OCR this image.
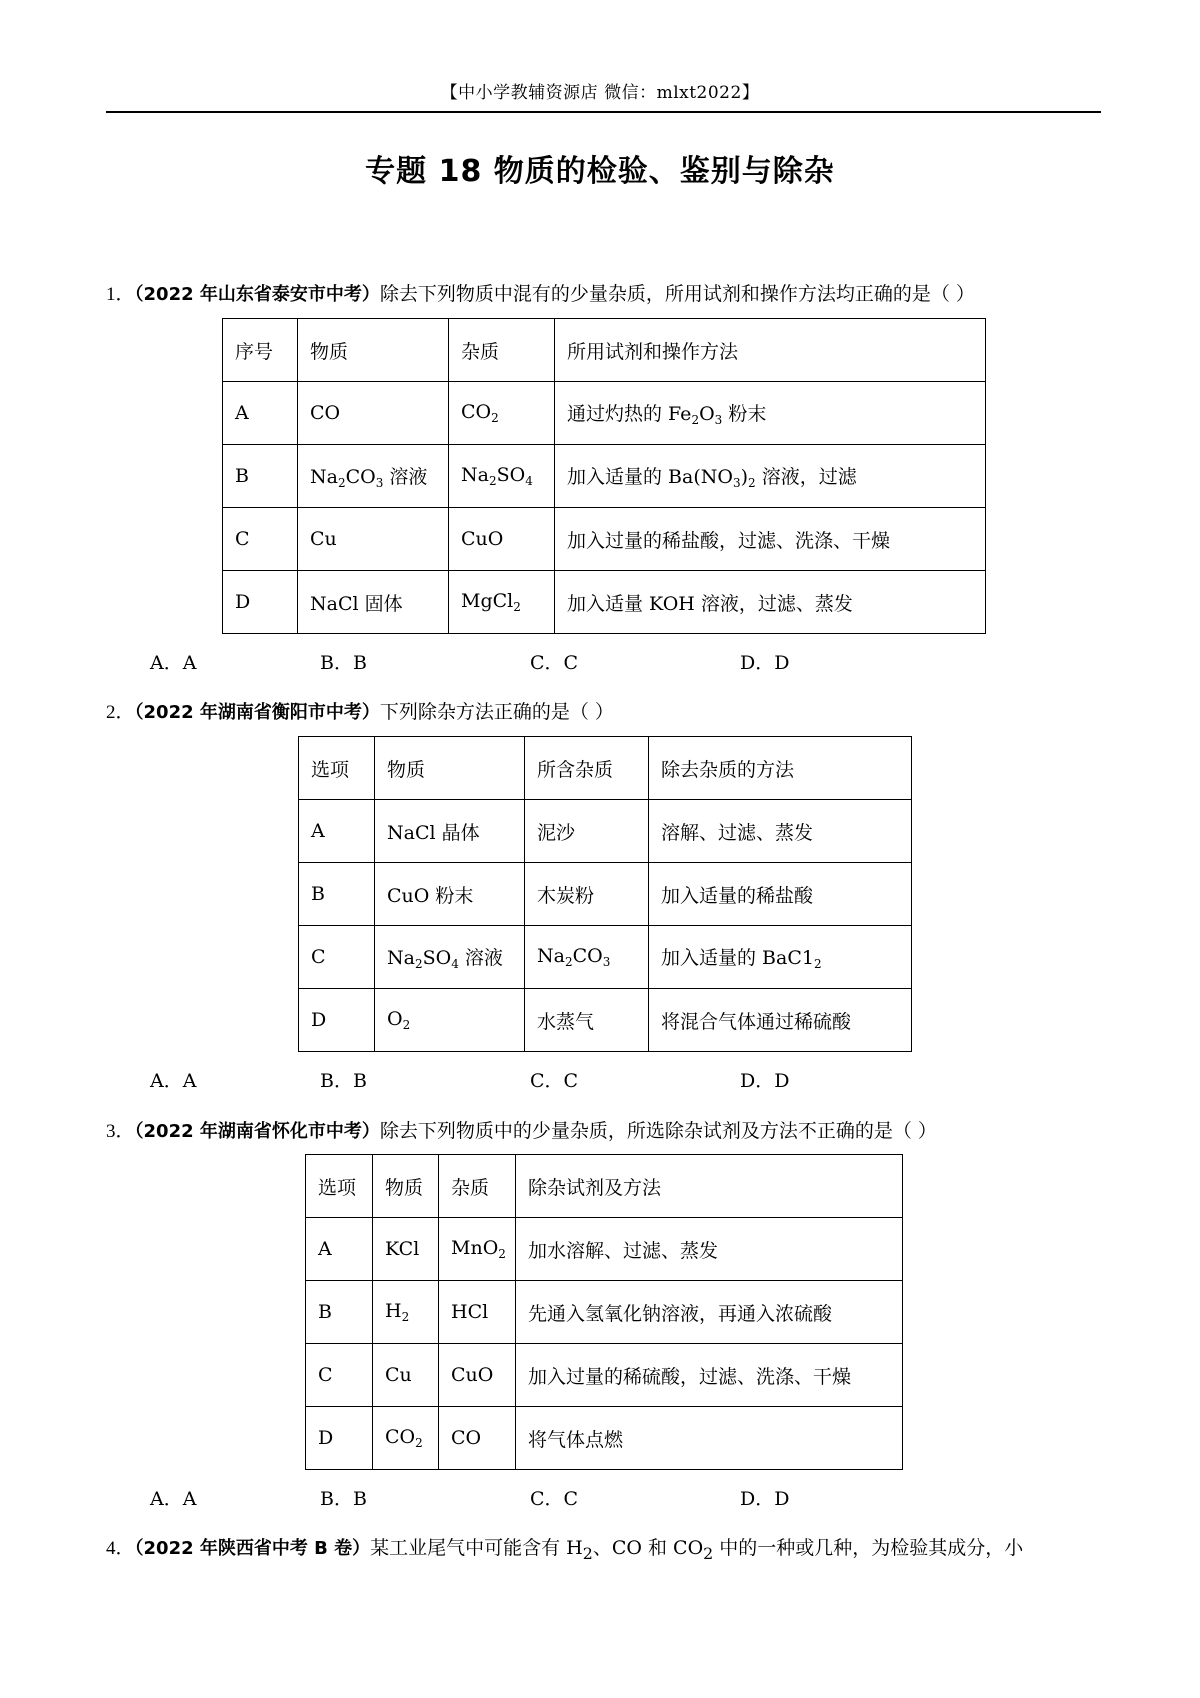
【中小学教辅资源店 微信：mlxt2022】
专题 18 物质的检验、鉴别与除杂
1．（2022 年山东省泰安市中考）除去下列物质中混有的少量杂质，所用试剂和操作方法均正确的是（ ）
序号	物质	杂质	所用试剂和操作方法
A	CO	$CO_2$	通过灼热的 $Fe_2O_3$ 粉末
B	$Na_2CO_3$ 溶液	$Na_2SO_4$	加入适量的 $Ba(NO_3)_2$ 溶液，过滤
C	Cu	CuO	加入过量的稀盐酸，过滤、洗涤、干燥
D	NaCl 固体	MgCl$_2$	加入适量 KOH 溶液，过滤、蒸发
A．A	B．B	C．C	D．D
2．（2022 年湖南省衡阳市中考）下列除杂方法正确的是（ ）
选项	物质	所含杂质	除去杂质的方法
A	NaCl 晶体	泥沙	溶解、过滤、蒸发
B	CuO 粉末	木炭粉	加入适量的稀盐酸
C	$Na_2SO_4$ 溶液	$Na_2CO_3$	加入适量的 $BaC1_2$
D	$O_2$	水蒸气	将混合气体通过稀硫酸
A．A	B．B	C．C	D．D
3．（2022 年湖南省怀化市中考）除去下列物质中的少量杂质，所选除杂试剂及方法不正确的是（ ）
选项	物质	杂质	除杂试剂及方法
A	KCl	MnO$_2$	加水溶解、过滤、蒸发
B	$H_2$	HCl	先通入氢氧化钠溶液，再通入浓硫酸
C	Cu	CuO	加入过量的稀硫酸，过滤、洗涤、干燥
D	$CO_2$	CO	将气体点燃
A．A	B．B	C．C	D．D
4．（2022 年陕西省中考 B 卷）某工业尾气中可能含有 $H_2$、CO 和 $CO_2$ 中的一种或几种，为检验其成分，小
